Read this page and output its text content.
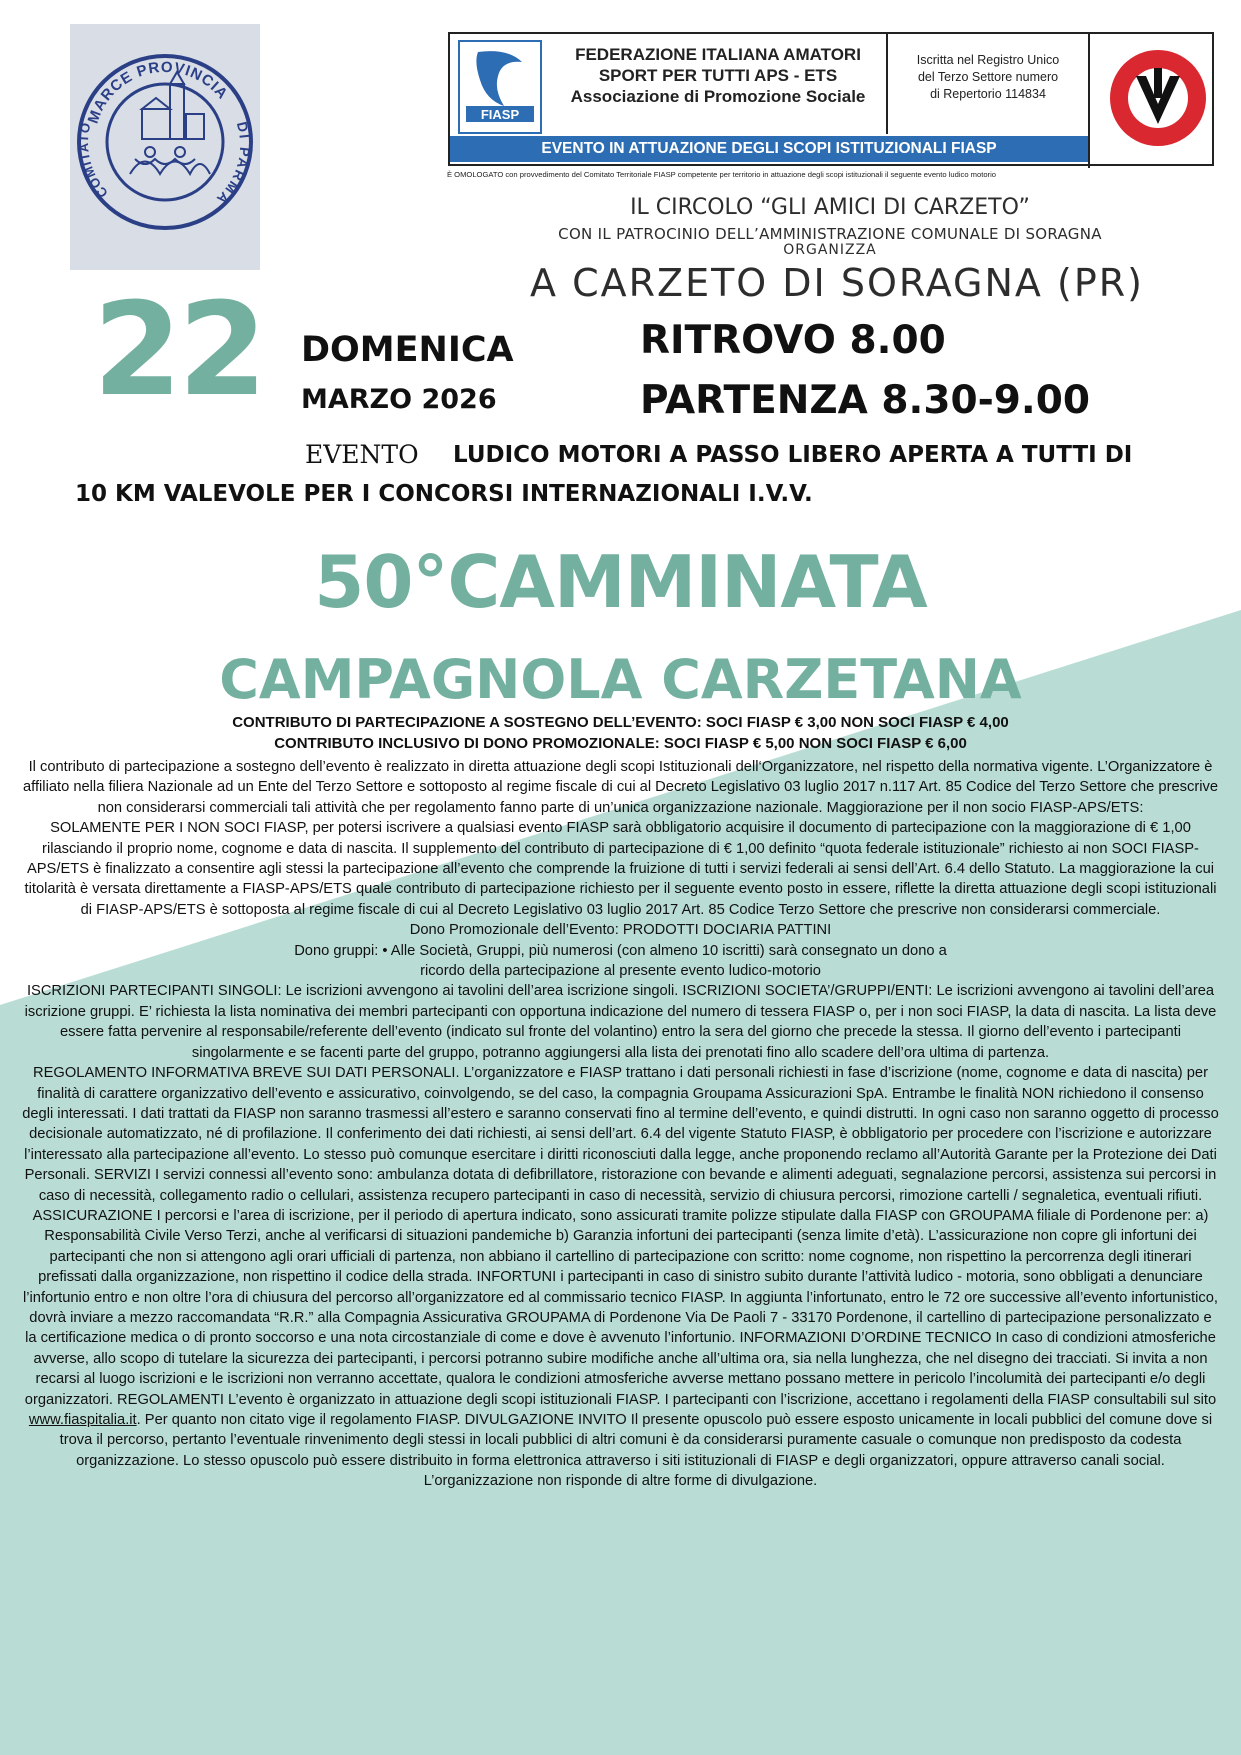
MARCE PROVINCIA
COMITATO	DI PARMA
FIASP
FEDERAZIONE ITALIANA AMATORI
SPORT PER TUTTI APS - ETS
Associazione di Promozione Sociale
Iscritta nel Registro Unico
del Terzo Settore numero
di Repertorio 114834
EVENTO IN ATTUAZIONE DEGLI SCOPI ISTITUZIONALI FIASP
È OMOLOGATO con provvedimento del Comitato Territoriale FIASP competente per territorio in attuazione degli scopi istituzionali il seguente evento ludico motorio
IL CIRCOLO “GLI AMICI DI CARZETO”
CON IL PATROCINIO DELL’AMMINISTRAZIONE COMUNALE DI SORAGNA
ORGANIZZA
A CARZETO DI SORAGNA (PR)
22 DOMENICA
MARZO 2026
RITROVO 8.00
PARTENZA 8.30-9.00
EVENTO LUDICO MOTORI A PASSO LIBERO APERTA A TUTTI DI
10 KM VALEVOLE PER I CONCORSI INTERNAZIONALI I.V.V.
50°CAMMINATA
CAMPAGNOLA CARZETANA
CONTRIBUTO DI PARTECIPAZIONE A SOSTEGNO DELL’EVENTO: SOCI FIASP € 3,00 NON SOCI FIASP € 4,00
CONTRIBUTO INCLUSIVO DI DONO PROMOZIONALE: SOCI FIASP € 5,00 NON SOCI FIASP € 6,00

Il contributo di partecipazione a sostegno dell’evento è realizzato in diretta attuazione degli scopi Istituzionali dell‘Organizzatore, nel rispetto della normativa vigente. L’Organizzatore è affiliato nella filiera Nazionale ad un Ente del Terzo Settore e sottoposto al regime fiscale di cui al Decreto Legislativo 03 luglio 2017 n.117 Art. 85 Codice del Terzo Settore che prescrive non considerarsi commerciali tali attività che per regolamento fanno parte di un’unica organizzazione nazionale. Maggiorazione per il non socio FIASP-APS/ETS:

SOLAMENTE PER I NON SOCI FIASP, per potersi iscrivere a qualsiasi evento FIASP sarà obbligatorio acquisire il documento di partecipazione con la maggiorazione di € 1,00 rilasciando il proprio nome, cognome e data di nascita. Il supplemento del contributo di partecipazione di € 1,00 definito “quota federale istituzionale” richiesto ai non SOCI FIASP-APS/ETS è finalizzato a consentire agli stessi la partecipazione all’evento che comprende la fruizione di tutti i servizi federali ai sensi dell’Art. 6.4 dello Statuto. La maggiorazione la cui titolarità è versata direttamente a FIASP-APS/ETS quale contributo di partecipazione richiesto per il seguente evento posto in essere, riflette la diretta attuazione degli scopi istituzionali di FIASP-APS/ETS è sottoposta al regime fiscale di cui al Decreto Legislativo 03 luglio 2017 Art. 85 Codice Terzo Settore che prescrive non considerarsi commerciale.

Dono Promozionale dell’Evento: PRODOTTI DOCIARIA PATTINI

Dono gruppi: • Alle Società, Gruppi, più numerosi (con almeno 10 iscritti) sarà consegnato un dono a
ricordo della partecipazione al presente evento ludico-motorio

ISCRIZIONI PARTECIPANTI SINGOLI: Le iscrizioni avvengono ai tavolini dell’area iscrizione singoli. ISCRIZIONI SOCIETA’/GRUPPI/ENTI: Le iscrizioni avvengono ai tavolini dell’area iscrizione gruppi. E’ richiesta la lista nominativa dei membri partecipanti con opportuna indicazione del numero di tessera FIASP o, per i non soci FIASP, la data di nascita. La lista deve essere fatta pervenire al responsabile/referente dell’evento (indicato sul fronte del volantino) entro la sera del giorno che precede la stessa. Il giorno dell’evento i partecipanti singolarmente e se facenti parte del gruppo, potranno aggiungersi alla lista dei prenotati fino allo scadere dell’ora ultima di partenza.

REGOLAMENTO INFORMATIVA BREVE SUI DATI PERSONALI. L’organizzatore e FIASP trattano i dati personali richiesti in fase d’iscrizione (nome, cognome e data di nascita) per finalità di carattere organizzativo dell’evento e assicurativo, coinvolgendo, se del caso, la compagnia Groupama Assicurazioni SpA. Entrambe le finalità NON richiedono il consenso degli interessati. I dati trattati da FIASP non saranno trasmessi all’estero e saranno conservati fino al termine dell’evento, e quindi distrutti. In ogni caso non saranno oggetto di processo decisionale automatizzato, né di profilazione. Il conferimento dei dati richiesti, ai sensi dell’art. 6.4 del vigente Statuto FIASP, è obbligatorio per procedere con l’iscrizione e autorizzare l’interessato alla partecipazione all’evento. Lo stesso può comunque esercitare i diritti riconosciuti dalla legge, anche proponendo reclamo all’Autorità Garante per la Protezione dei Dati Personali. SERVIZI I servizi connessi all’evento sono: ambulanza dotata di defibrillatore, ristorazione con bevande e alimenti adeguati, segnalazione percorsi, assistenza sui percorsi in caso di necessità, collegamento radio o cellulari, assistenza recupero partecipanti in caso di necessità, servizio di chiusura percorsi, rimozione cartelli / segnaletica, eventuali rifiuti.

ASSICURAZIONE I percorsi e l’area di iscrizione, per il periodo di apertura indicato, sono assicurati tramite polizze stipulate dalla FIASP con GROUPAMA filiale di Pordenone per: a) Responsabilità Civile Verso Terzi, anche al verificarsi di situazioni pandemiche b) Garanzia infortuni dei partecipanti (senza limite d’età). L’assicurazione non copre gli infortuni dei partecipanti che non si attengono agli orari ufficiali di partenza, non abbiano il cartellino di partecipazione con scritto: nome cognome, non rispettino la percorrenza degli itinerari prefissati dalla organizzazione, non rispettino il codice della strada. INFORTUNI i partecipanti in caso di sinistro subito durante l’attività ludico - motoria, sono obbligati a denunciare l’infortunio entro e non oltre l’ora di chiusura del percorso all’organizzatore ed al commissario tecnico FIASP. In aggiunta l’infortunato, entro le 72 ore successive all’evento infortunistico, dovrà inviare a mezzo raccomandata “R.R.” alla Compagnia Assicurativa GROUPAMA di Pordenone Via De Paoli 7 - 33170 Pordenone, il cartellino di partecipazione personalizzato e la certificazione medica o di pronto soccorso e una nota circostanziale di come e dove è avvenuto l’infortunio. INFORMAZIONI D’ORDINE TECNICO In caso di condizioni atmosferiche avverse, allo scopo di tutelare la sicurezza dei partecipanti, i percorsi potranno subire modifiche anche all’ultima ora, sia nella lunghezza, che nel disegno dei tracciati. Si invita a non recarsi al luogo iscrizioni e le iscrizioni non verranno accettate, qualora le condizioni atmosferiche avverse mettano possano mettere in pericolo l’incolumità dei partecipanti e/o degli organizzatori. REGOLAMENTI L’evento è organizzato in attuazione degli scopi istituzionali FIASP. I partecipanti con l’iscrizione, accettano i regolamenti della FIASP consultabili sul sito www.fiaspitalia.it. Per quanto non citato vige il regolamento FIASP. DIVULGAZIONE INVITO Il presente opuscolo può essere esposto unicamente in locali pubblici del comune dove si trova il percorso, pertanto l’eventuale rinvenimento degli stessi in locali pubblici di altri comuni è da considerarsi puramente casuale o comunque non predisposto da codesta organizzazione. Lo stesso opuscolo può essere distribuito in forma elettronica attraverso i siti istituzionali di FIASP e degli organizzatori, oppure attraverso canali social. L’organizzazione non risponde di altre forme di divulgazione.
